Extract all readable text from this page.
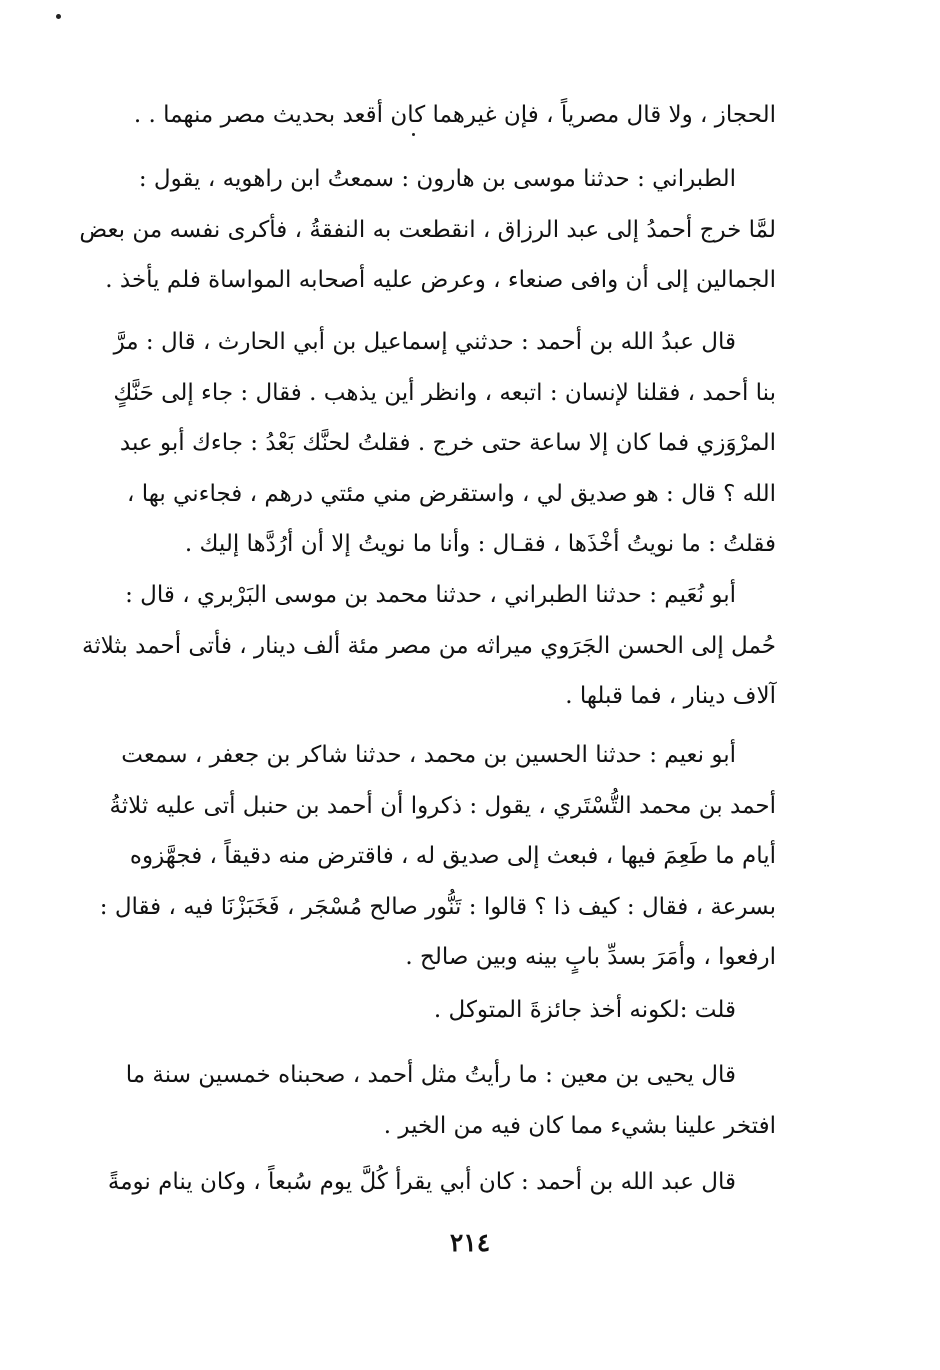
الحجاز ، ولا قال مصرياً ، فإن غيرهما كان أقعد بحديث مصر منهما . .
الطبراني : حدثنا موسى بن هارون : سمعتُ ابن راهويه ، يقول :
لمَّا خرج أحمدُ إلى عبد الرزاق ، انقطعت به النفقةُ ، فأكرى نفسه من بعض
الجمالين إلى أن وافى صنعاء ، وعرض عليه أصحابه المواساة فلم يأخذ .
قال عبدُ الله بن أحمد : حدثني إسماعيل بن أبي الحارث ، قال : مرَّ
بنا أحمد ، فقلنا لإنسان : اتبعه ، وانظر أين يذهب . فقال : جاء إلى حَنَّكٍ
المرْوَزي فما كان إلا ساعة حتى خرج . فقلتُ لحنَّك بَعْدُ : جاءك أبو عبد
الله ؟ قال : هو صديق لي ، واستقرض مني مئتي درهم ، فجاءني بها ،
فقلتُ : ما نويتُ أخْذَها ، فقـال : وأنا ما نويتُ إلا أن أرُدَّها إليك .
أبو نُعَيم : حدثنا الطبراني ، حدثنا محمد بن موسى البَرْبري ، قال :
حُمل إلى الحسن الجَرَوي ميراثه من مصر مئة ألف دينار ، فأتى أحمد بثلاثة
آلاف دينار ، فما قبلها .
أبو نعيم : حدثنا الحسين بن محمد ، حدثنا شاكر بن جعفر ، سمعت
أحمد بن محمد التُّسْتَري ، يقول : ذكروا أن أحمد بن حنبل أتى عليه ثلاثةُ
أيام ما طَعِمَ فيها ، فبعث إلى صديق له ، فاقترض منه دقيقاً ، فجهَّزوه
بسرعة ، فقال : كيف ذا ؟ قالوا : تَنُّور صالح مُسْجَر ، فَخَبَزْنَا فيه ، فقال :
ارفعوا ، وأمَرَ بسدِّ بابٍ بينه وبين صالح .
قلت :لكونه أخذ جائزةَ المتوكل .
قال يحيى بن معين : ما رأيتُ مثل أحمد ، صحبناه خمسين سنة ما
افتخر علينا بشيء مما كان فيه من الخير .
قال عبد الله بن أحمد : كان أبي يقرأ كُلَّ يوم سُبعاً ، وكان ينام نومةً
٢١٤
